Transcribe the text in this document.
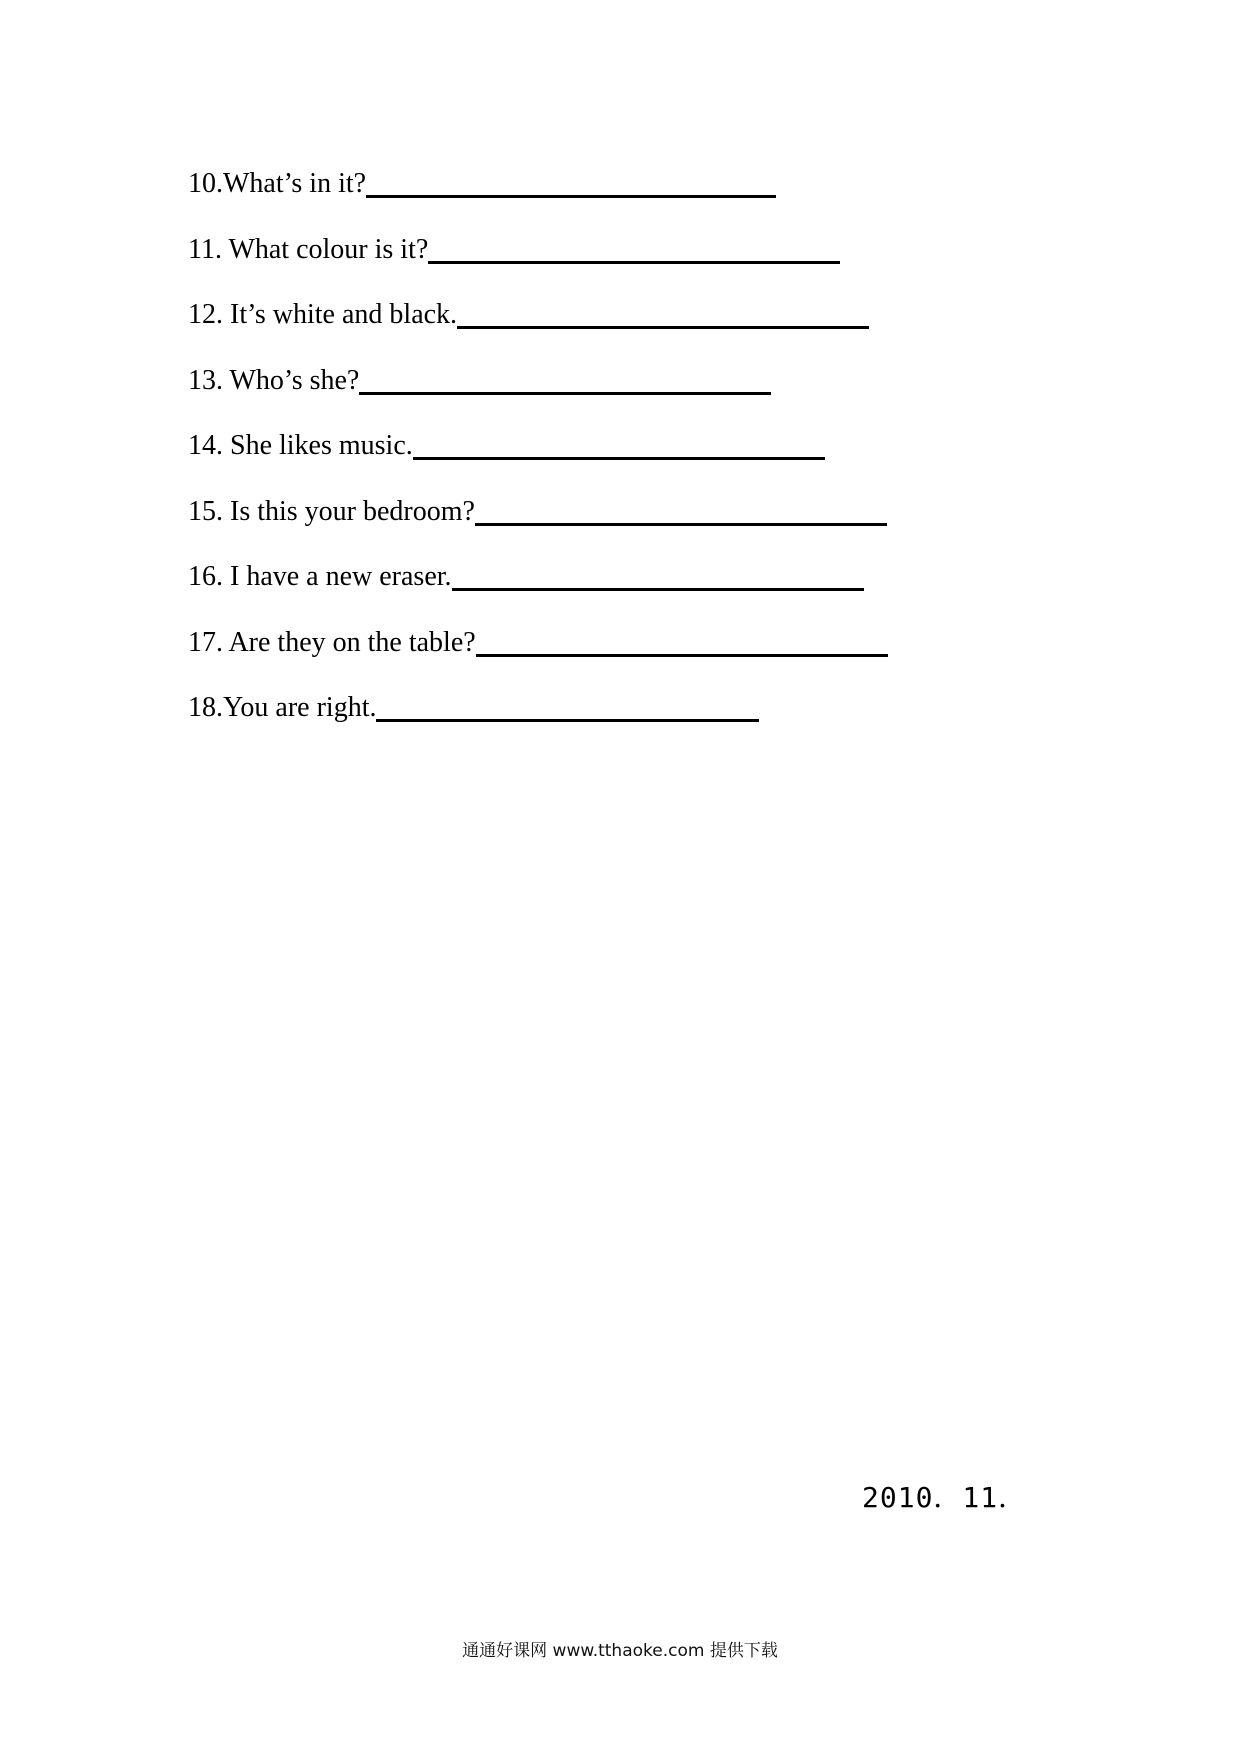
10.What’s in it?
11. What colour is it?
12. It’s white and black.
13. Who’s she?
14. She likes music.
15. Is this your bedroom?
16. I have a new eraser.
17. Are they on the table?
18.You are right.
2010．11．
通通好课网 www.tthaoke.com 提供下载
